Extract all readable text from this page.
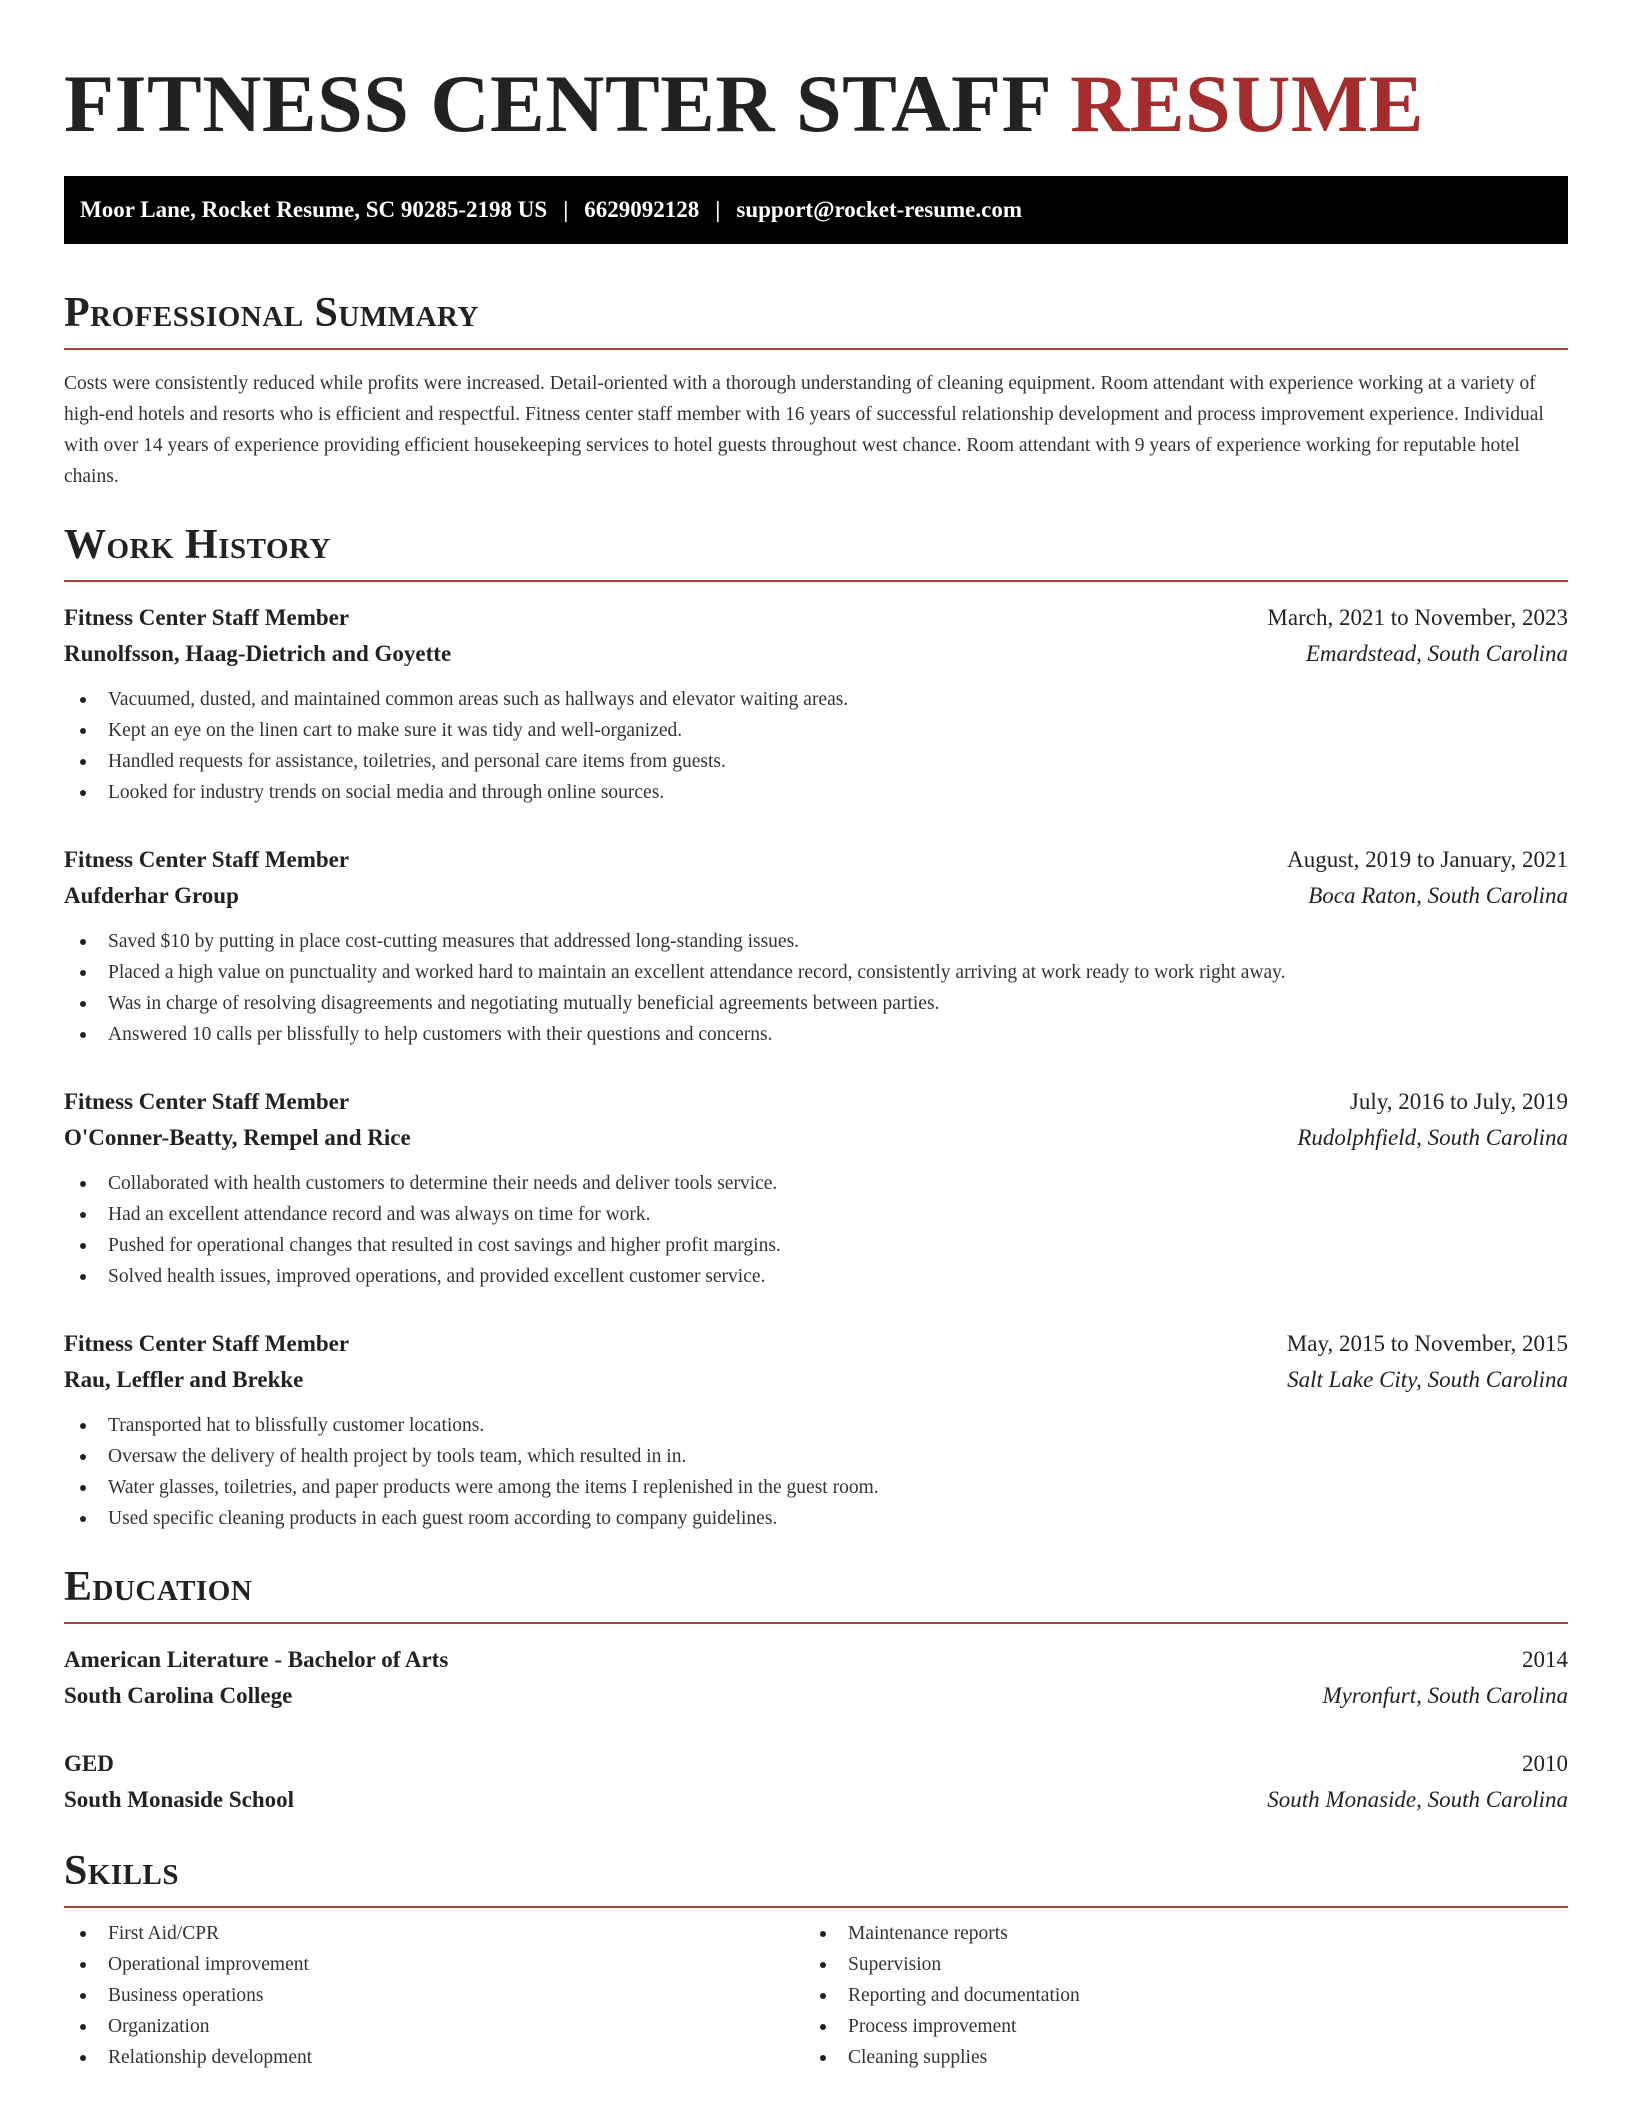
FITNESS CENTER STAFF RESUME
Moor Lane, Rocket Resume, SC 90285-2198 US | 6629092128 | support@rocket-resume.com
Professional Summary

Costs were consistently reduced while profits were increased. Detail-oriented with a thorough understanding of cleaning equipment. Room attendant with experience working at a variety of high-end hotels and resorts who is efficient and respectful. Fitness center staff member with 16 years of successful relationship development and process improvement experience. Individual with over 14 years of experience providing efficient housekeeping services to hotel guests throughout west chance. Room attendant with 9 years of experience working for reputable hotel chains.

Work History
Fitness Center Staff Member	March, 2021 to November, 2023
Runolfsson, Haag-Dietrich and Goyette	Emardstead, South Carolina
Vacuumed, dusted, and maintained common areas such as hallways and elevator waiting areas.
Kept an eye on the linen cart to make sure it was tidy and well-organized.
Handled requests for assistance, toiletries, and personal care items from guests.
Looked for industry trends on social media and through online sources.
Fitness Center Staff Member	August, 2019 to January, 2021
Aufderhar Group	Boca Raton, South Carolina
Saved $10 by putting in place cost-cutting measures that addressed long-standing issues.
Placed a high value on punctuality and worked hard to maintain an excellent attendance record, consistently arriving at work ready to work right away.
Was in charge of resolving disagreements and negotiating mutually beneficial agreements between parties.
Answered 10 calls per blissfully to help customers with their questions and concerns.
Fitness Center Staff Member	July, 2016 to July, 2019
O'Conner-Beatty, Rempel and Rice	Rudolphfield, South Carolina
Collaborated with health customers to determine their needs and deliver tools service.
Had an excellent attendance record and was always on time for work.
Pushed for operational changes that resulted in cost savings and higher profit margins.
Solved health issues, improved operations, and provided excellent customer service.
Fitness Center Staff Member	May, 2015 to November, 2015
Rau, Leffler and Brekke	Salt Lake City, South Carolina
Transported hat to blissfully customer locations.
Oversaw the delivery of health project by tools team, which resulted in in.
Water glasses, toiletries, and paper products were among the items I replenished in the guest room.
Used specific cleaning products in each guest room according to company guidelines.
Education
American Literature - Bachelor of Arts	2014
South Carolina College	Myronfurt, South Carolina
GED	2010
South Monaside School	South Monaside, South Carolina
Skills
First Aid/CPR
Operational improvement
Business operations
Organization
Relationship development
Maintenance reports
Supervision
Reporting and documentation
Process improvement
Cleaning supplies
